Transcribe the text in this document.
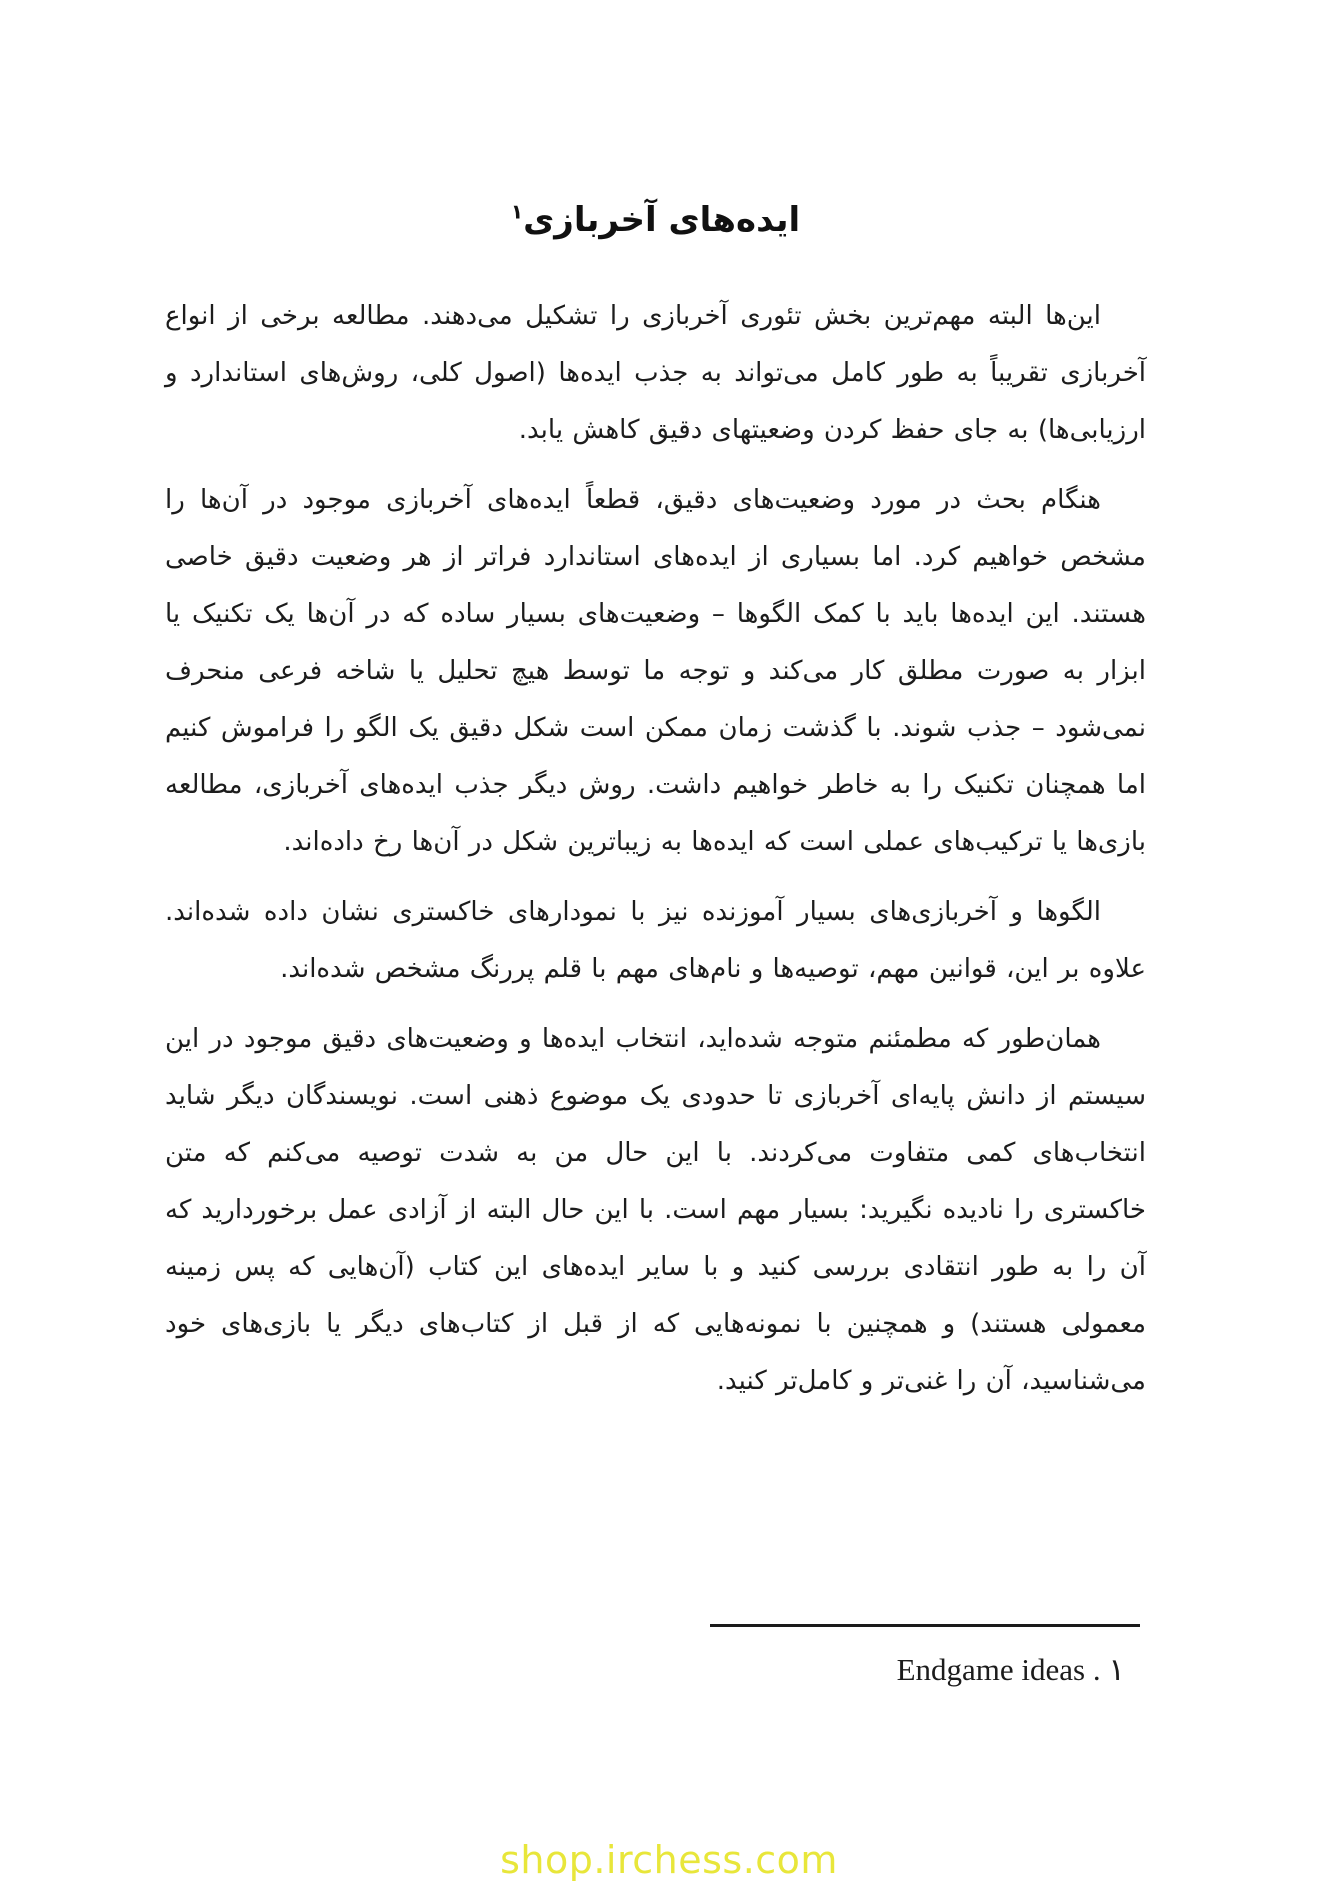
ایده‌های آخربازی$^۱$

این‌ها البته مهم‌ترین بخش تئوری آخربازی را تشکیل می‌دهند. مطالعه برخی از انواع آخربازی تقریباً به طور کامل می‌تواند به جذب ایده‌ها (اصول کلی، روش‌های استاندارد و ارزیابی‌ها) به جای حفظ کردن وضعیتهای دقیق کاهش یابد.

هنگام بحث در مورد وضعیت‌های دقیق، قطعاً ایده‌های آخربازی موجود در آن‌ها را مشخص خواهیم کرد. اما بسیاری از ایده‌های استاندارد فراتر از هر وضعیت دقیق خاصی هستند. این ایده‌ها باید با کمک الگوها – وضعیت‌های بسیار ساده که در آن‌ها یک تکنیک یا ابزار به صورت مطلق کار می‌کند و توجه ما توسط هیچ تحلیل یا شاخه فرعی منحرف نمی‌شود – جذب شوند. با گذشت زمان ممکن است شکل دقیق یک الگو را فراموش کنیم اما همچنان تکنیک را به خاطر خواهیم داشت. روش دیگر جذب ایده‌های آخربازی، مطالعه بازی‌ها یا ترکیب‌های عملی است که ایده‌ها به زیباترین شکل در آن‌ها رخ داده‌اند.

الگوها و آخربازی‌های بسیار آموزنده نیز با نمودارهای خاکستری نشان داده شده‌اند. علاوه بر این، قوانین مهم، توصیه‌ها و نام‌های مهم با قلم پررنگ مشخص شده‌اند.

همان‌طور که مطمئنم متوجه شده‌اید، انتخاب ایده‌ها و وضعیت‌های دقیق موجود در این سیستم از دانش پایه‌ای آخربازی تا حدودی یک موضوع ذهنی است. نویسندگان دیگر شاید انتخاب‌های کمی متفاوت می‌کردند. با این حال من به شدت توصیه می‌کنم که متن خاکستری را نادیده نگیرید: بسیار مهم است. با این حال البته از آزادی عمل برخوردارید که آن را به طور انتقادی بررسی کنید و با سایر ایده‌های این کتاب (آن‌هایی که پس زمینه معمولی هستند) و همچنین با نمونه‌هایی که از قبل از کتاب‌های دیگر یا بازی‌های خود می‌شناسید، آن را غنی‌تر و کامل‌تر کنید.

Endgame ideas . ۱
shop.irchess.com
